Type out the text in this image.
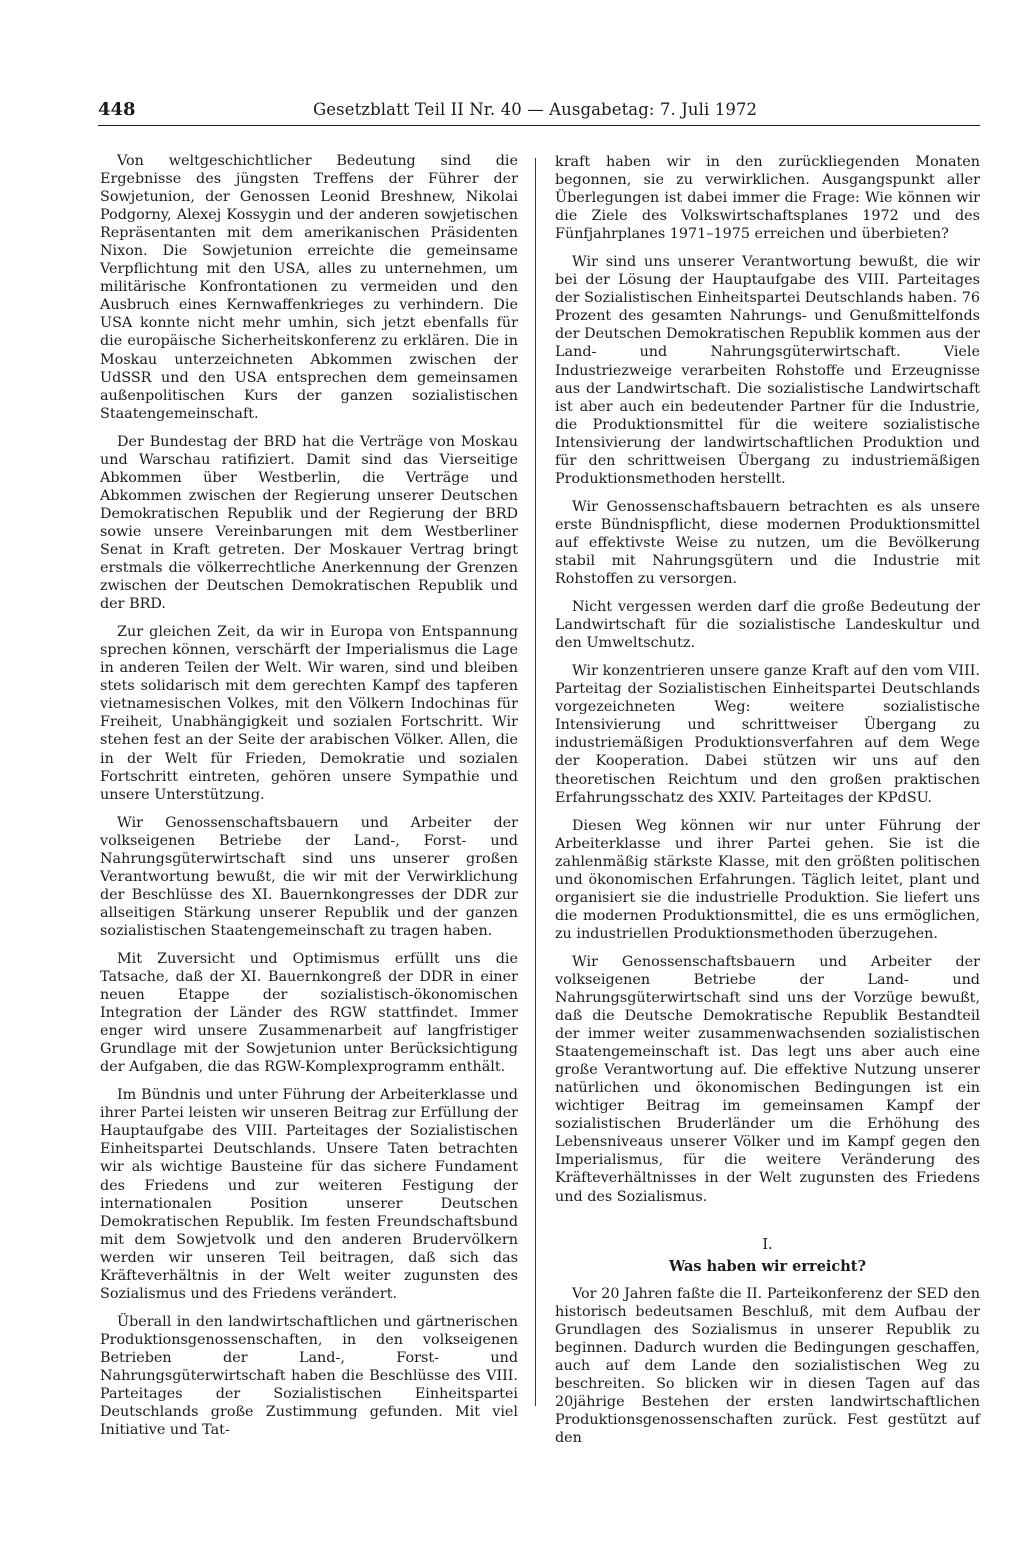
448	Gesetzblatt Teil II Nr. 40 — Ausgabetag: 7. Juli 1972

Von weltgeschichtlicher Bedeutung sind die Ergebnisse des jüngsten Treffens der Führer der Sowjetunion, der Genossen Leonid Breshnew, Nikolai Podgorny, Alexej Kossygin und der anderen sowjetischen Repräsentanten mit dem amerikanischen Präsidenten Nixon. Die Sowjetunion erreichte die gemeinsame Verpflichtung mit den USA, alles zu unternehmen, um militärische Konfrontationen zu vermeiden und den Ausbruch eines Kernwaffenkrieges zu verhindern. Die USA konnte nicht mehr umhin, sich jetzt ebenfalls für die europäische Sicherheitskonferenz zu erklären. Die in Moskau unterzeichneten Abkommen zwischen der UdSSR und den USA entsprechen dem gemeinsamen außenpolitischen Kurs der ganzen sozialistischen Staatengemeinschaft.

Der Bundestag der BRD hat die Verträge von Moskau und Warschau ratifiziert. Damit sind das Vierseitige Abkommen über Westberlin, die Verträge und Abkommen zwischen der Regierung unserer Deutschen Demokratischen Republik und der Regierung der BRD sowie unsere Vereinbarungen mit dem Westberliner Senat in Kraft getreten. Der Moskauer Vertrag bringt erstmals die völkerrechtliche Anerkennung der Grenzen zwischen der Deutschen Demokratischen Republik und der BRD.

Zur gleichen Zeit, da wir in Europa von Entspannung sprechen können, verschärft der Imperialismus die Lage in anderen Teilen der Welt. Wir waren, sind und bleiben stets solidarisch mit dem gerechten Kampf des tapferen vietnamesischen Volkes, mit den Völkern Indochinas für Freiheit, Unabhängigkeit und sozialen Fortschritt. Wir stehen fest an der Seite der arabischen Völker. Allen, die in der Welt für Frieden, Demokratie und sozialen Fortschritt eintreten, gehören unsere Sympathie und unsere Unterstützung.

Wir Genossenschaftsbauern und Arbeiter der volkseigenen Betriebe der Land-, Forst- und Nahrungsgüterwirtschaft sind uns unserer großen Verantwortung bewußt, die wir mit der Verwirklichung der Beschlüsse des XI. Bauernkongresses der DDR zur allseitigen Stärkung unserer Republik und der ganzen sozialistischen Staatengemeinschaft zu tragen haben.

Mit Zuversicht und Optimismus erfüllt uns die Tatsache, daß der XI. Bauernkongreß der DDR in einer neuen Etappe der sozialistisch-ökonomischen Integration der Länder des RGW stattfindet. Immer enger wird unsere Zusammenarbeit auf langfristiger Grundlage mit der Sowjetunion unter Berücksichtigung der Aufgaben, die das RGW-Komplexprogramm enthält.

Im Bündnis und unter Führung der Arbeiterklasse und ihrer Partei leisten wir unseren Beitrag zur Erfüllung der Hauptaufgabe des VIII. Parteitages der Sozialistischen Einheitspartei Deutschlands. Unsere Taten betrachten wir als wichtige Bausteine für das sichere Fundament des Friedens und zur weiteren Festigung der internationalen Position unserer Deutschen Demokratischen Republik. Im festen Freundschaftsbund mit dem Sowjetvolk und den anderen Brudervölkern werden wir unseren Teil beitragen, daß sich das Kräfteverhältnis in der Welt weiter zugunsten des Sozialismus und des Friedens verändert.

Überall in den landwirtschaftlichen und gärtnerischen Produktionsgenossenschaften, in den volkseigenen Betrieben der Land-, Forst- und Nahrungsgüterwirtschaft haben die Beschlüsse des VIII. Parteitages der Sozialistischen Einheitspartei Deutschlands große Zustimmung gefunden. Mit viel Initiative und Tat-

kraft haben wir in den zurückliegenden Monaten begonnen, sie zu verwirklichen. Ausgangspunkt aller Überlegungen ist dabei immer die Frage: Wie können wir die Ziele des Volkswirtschaftsplanes 1972 und des Fünfjahrplanes 1971–1975 erreichen und überbieten?

Wir sind uns unserer Verantwortung bewußt, die wir bei der Lösung der Hauptaufgabe des VIII. Parteitages der Sozialistischen Einheitspartei Deutschlands haben. 76 Prozent des gesamten Nahrungs- und Genußmittelfonds der Deutschen Demokratischen Republik kommen aus der Land- und Nahrungsgüterwirtschaft. Viele Industriezweige verarbeiten Rohstoffe und Erzeugnisse aus der Landwirtschaft. Die sozialistische Landwirtschaft ist aber auch ein bedeutender Partner für die Industrie, die Produktionsmittel für die weitere sozialistische Intensivierung der landwirtschaftlichen Produktion und für den schrittweisen Übergang zu industriemäßigen Produktionsmethoden herstellt.

Wir Genossenschaftsbauern betrachten es als unsere erste Bündnispflicht, diese modernen Produktionsmittel auf effektivste Weise zu nutzen, um die Bevölkerung stabil mit Nahrungsgütern und die Industrie mit Rohstoffen zu versorgen.

Nicht vergessen werden darf die große Bedeutung der Landwirtschaft für die sozialistische Landeskultur und den Umweltschutz.

Wir konzentrieren unsere ganze Kraft auf den vom VIII. Parteitag der Sozialistischen Einheitspartei Deutschlands vorgezeichneten Weg: weitere sozialistische Intensivierung und schrittweiser Übergang zu industriemäßigen Produktionsverfahren auf dem Wege der Kooperation. Dabei stützen wir uns auf den theoretischen Reichtum und den großen praktischen Erfahrungsschatz des XXIV. Parteitages der KPdSU.

Diesen Weg können wir nur unter Führung der Arbeiterklasse und ihrer Partei gehen. Sie ist die zahlenmäßig stärkste Klasse, mit den größten politischen und ökonomischen Erfahrungen. Täglich leitet, plant und organisiert sie die industrielle Produktion. Sie liefert uns die modernen Produktionsmittel, die es uns ermöglichen, zu industriellen Produktionsmethoden überzugehen.

Wir Genossenschaftsbauern und Arbeiter der volkseigenen Betriebe der Land- und Nahrungsgüterwirtschaft sind uns der Vorzüge bewußt, daß die Deutsche Demokratische Republik Bestandteil der immer weiter zusammenwachsenden sozialistischen Staatengemeinschaft ist. Das legt uns aber auch eine große Verantwortung auf. Die effektive Nutzung unserer natürlichen und ökonomischen Bedingungen ist ein wichtiger Beitrag im gemeinsamen Kampf der sozialistischen Bruderländer um die Erhöhung des Lebensniveaus unserer Völker und im Kampf gegen den Imperialismus, für die weitere Veränderung des Kräfteverhältnisses in der Welt zugunsten des Friedens und des Sozialismus.

I.
Was haben wir erreicht?

Vor 20 Jahren faßte die II. Parteikonferenz der SED den historisch bedeutsamen Beschluß, mit dem Aufbau der Grundlagen des Sozialismus in unserer Republik zu beginnen. Dadurch wurden die Bedingungen geschaffen, auch auf dem Lande den sozialistischen Weg zu beschreiten. So blicken wir in diesen Tagen auf das 20jährige Bestehen der ersten landwirtschaftlichen Produktionsgenossenschaften zurück. Fest gestützt auf den
